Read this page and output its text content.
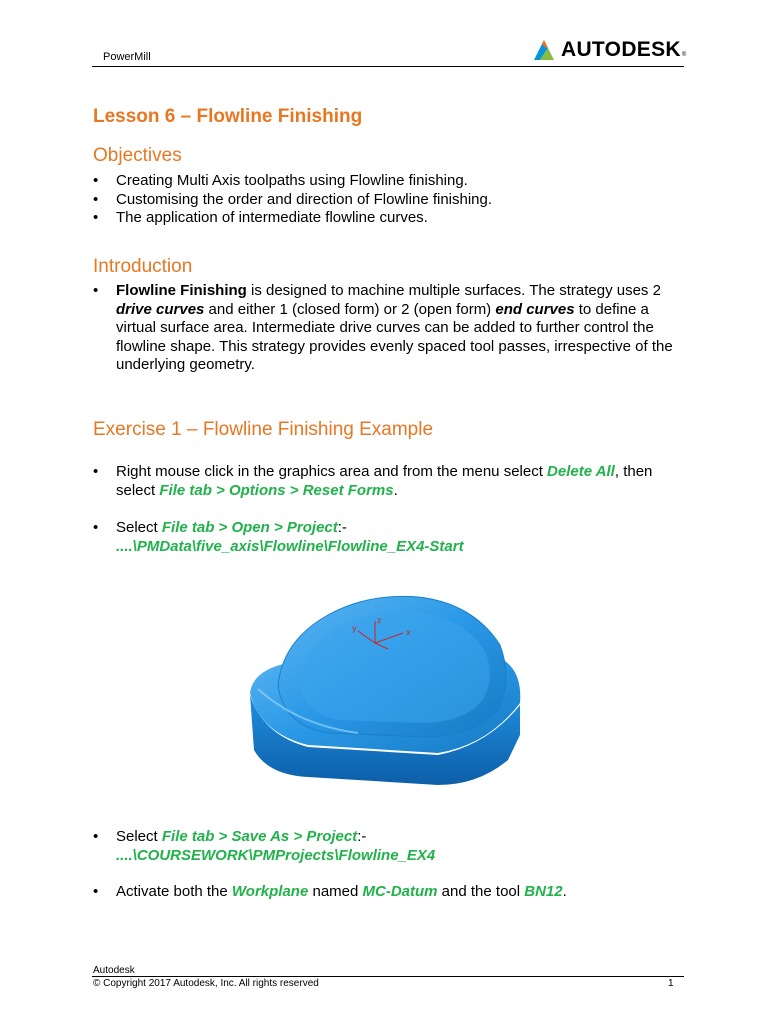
PowerMill	AUTODESK ®
Lesson 6 – Flowline Finishing
Objectives
• Creating Multi Axis toolpaths using Flowline finishing.
• Customising the order and direction of Flowline finishing.
• The application of intermediate flowline curves.
Introduction
• Flowline Finishing is designed to machine multiple surfaces. The strategy uses 2 drive curves and either 1 (closed form) or 2 (open form) end curves to define a virtual surface area. Intermediate drive curves can be added to further control the flowline shape. This strategy provides evenly spaced tool passes, irrespective of the underlying geometry.
Exercise 1 – Flowline Finishing Example
• Right mouse click in the graphics area and from the menu select Delete All, then select File tab > Options > Reset Forms.
• Select File tab > Open > Project:-
....\PMData\five_axis\Flowline\Flowline_EX4-Start
z
x
y
• Select File tab > Save As > Project:-
....\COURSEWORK\PMProjects\Flowline_EX4
• Activate both the Workplane named MC-Datum and the tool BN12.
Autodesk
© Copyright 2017 Autodesk, Inc. All rights reserved	1
